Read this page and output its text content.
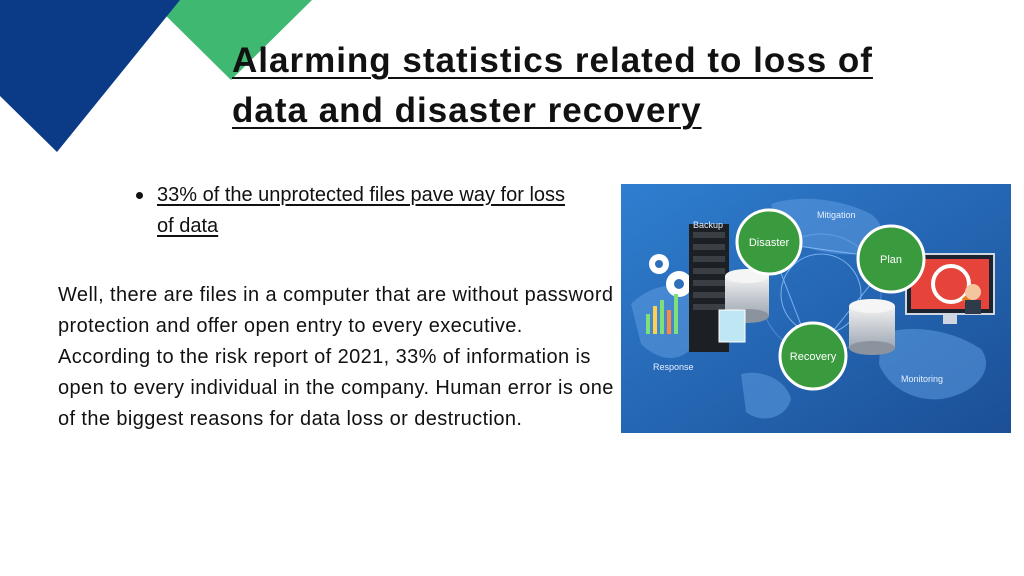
Alarming statistics related to loss of data and disaster recovery
33% of the unprotected files pave way for loss of data

Well, there are files in a computer that are without password protection and offer open entry to every executive. According to the risk report of 2021, 33% of information is open to every individual in the company. Human error is one of the biggest reasons for data loss or destruction.

Disaster
Plan
Recovery
Backup
Mitigation
Response
Monitoring
